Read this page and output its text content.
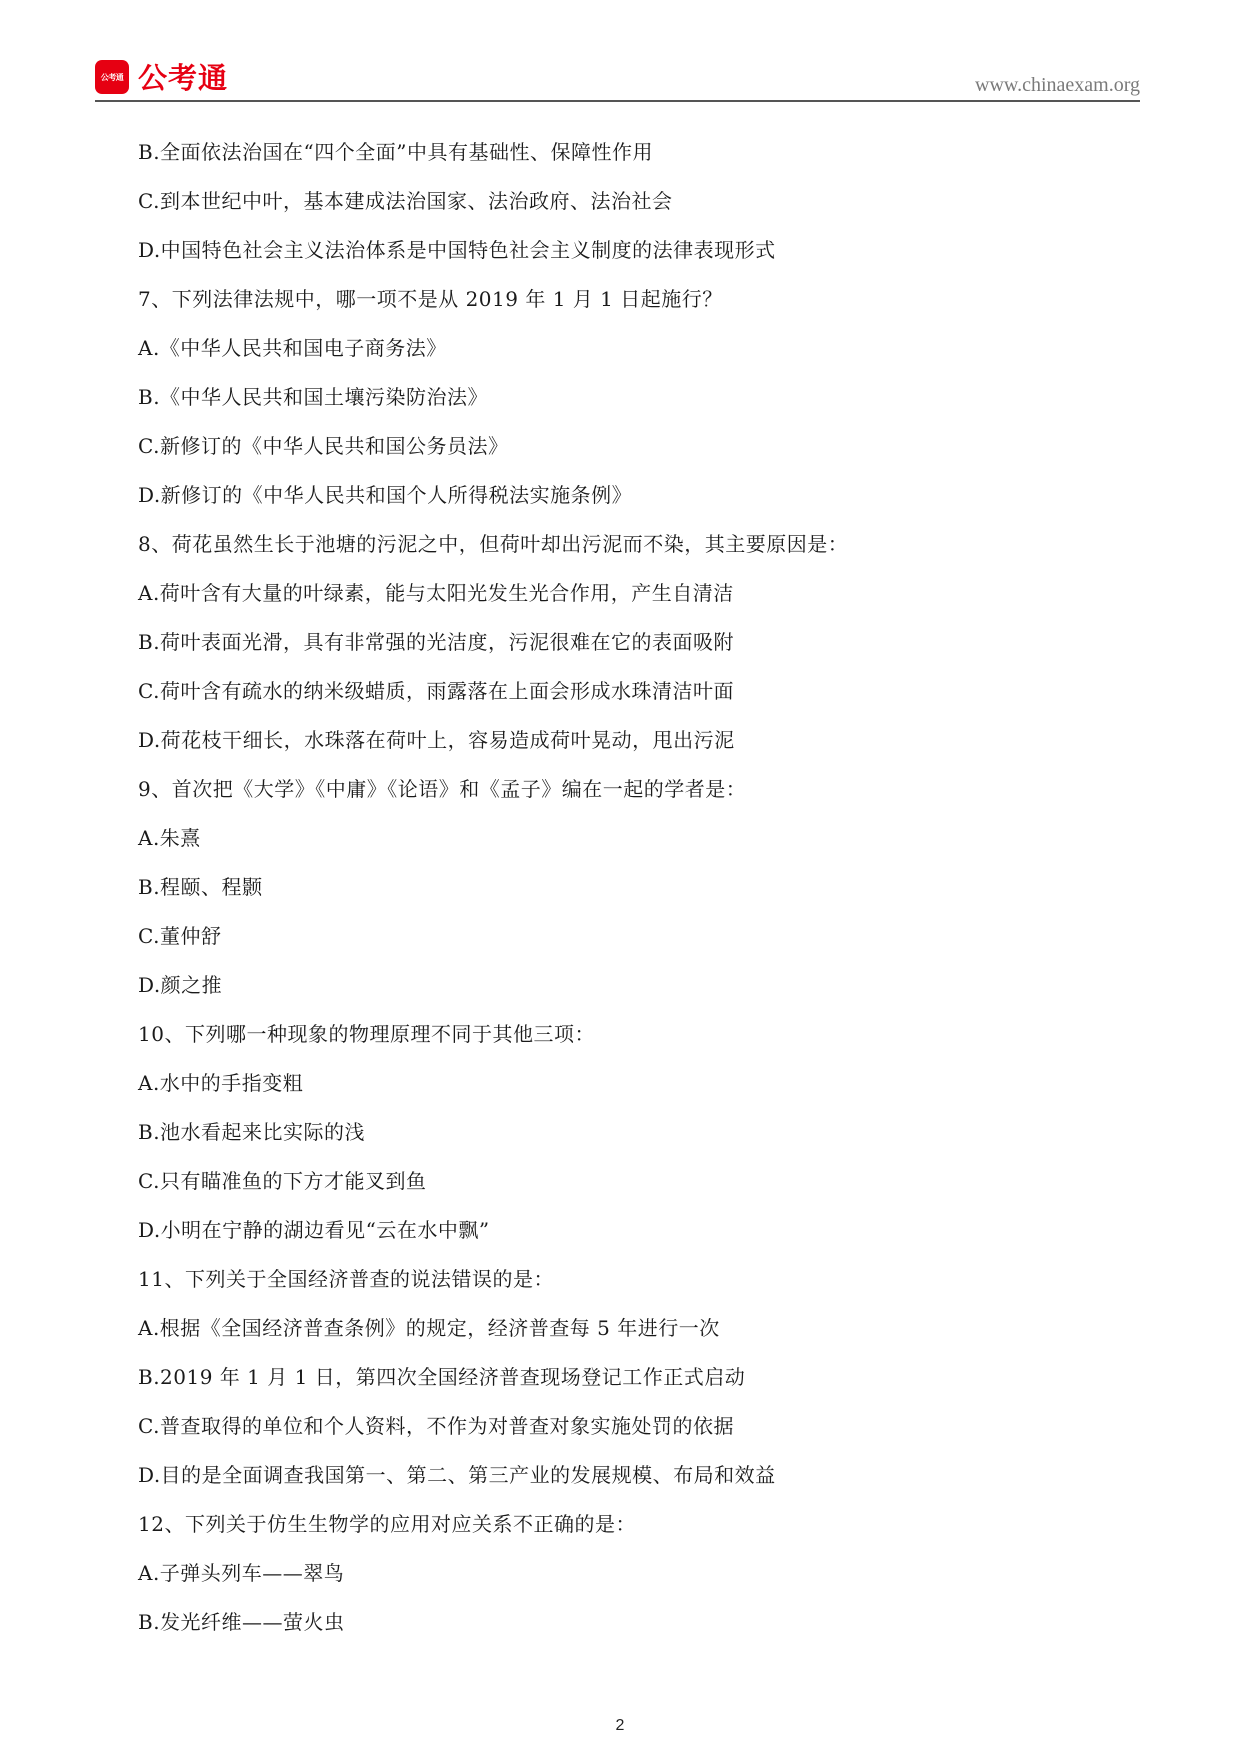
公考通 公考通	www.chinaexam.org
B.全面依法治国在“四个全面”中具有基础性、保障性作用
C.到本世纪中叶，基本建成法治国家、法治政府、法治社会
D.中国特色社会主义法治体系是中国特色社会主义制度的法律表现形式
7、下列法律法规中，哪一项不是从 2019 年 1 月 1 日起施行？
A.《中华人民共和国电子商务法》
B.《中华人民共和国土壤污染防治法》
C.新修订的《中华人民共和国公务员法》
D.新修订的《中华人民共和国个人所得税法实施条例》
8、荷花虽然生长于池塘的污泥之中，但荷叶却出污泥而不染，其主要原因是：
A.荷叶含有大量的叶绿素，能与太阳光发生光合作用，产生自清洁
B.荷叶表面光滑，具有非常强的光洁度，污泥很难在它的表面吸附
C.荷叶含有疏水的纳米级蜡质，雨露落在上面会形成水珠清洁叶面
D.荷花枝干细长，水珠落在荷叶上，容易造成荷叶晃动，甩出污泥
9、首次把《大学》《中庸》《论语》和《孟子》编在一起的学者是：
A.朱熹
B.程颐、程颢
C.董仲舒
D.颜之推
10、下列哪一种现象的物理原理不同于其他三项：
A.水中的手指变粗
B.池水看起来比实际的浅
C.只有瞄准鱼的下方才能叉到鱼
D.小明在宁静的湖边看见“云在水中飘”
11、下列关于全国经济普查的说法错误的是：
A.根据《全国经济普查条例》的规定，经济普查每 5 年进行一次
B.2019 年 1 月 1 日，第四次全国经济普查现场登记工作正式启动
C.普查取得的单位和个人资料，不作为对普查对象实施处罚的依据
D.目的是全面调查我国第一、第二、第三产业的发展规模、布局和效益
12、下列关于仿生生物学的应用对应关系不正确的是：
A.子弹头列车——翠鸟
B.发光纤维——萤火虫
2
